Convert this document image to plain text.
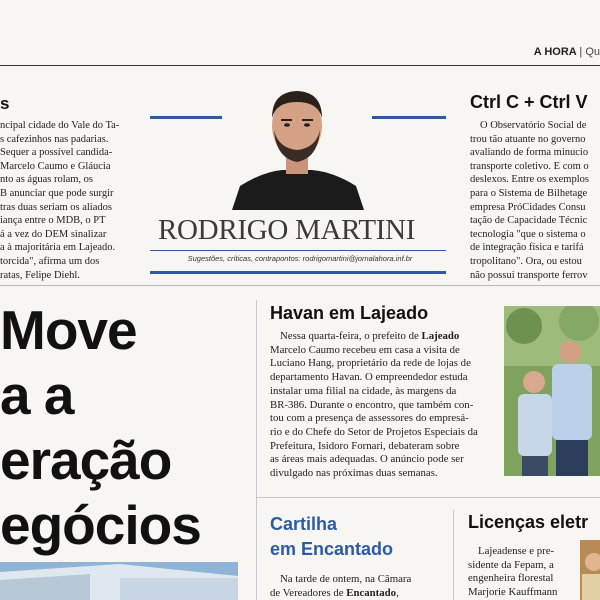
A HORA | Qu
s

ncipal cidade do Vale do Ta-

s cafezinhos nas padarias.

Sequer a possível candida-

Marcelo Caumo e Gláucia

nto as águas rolam, os

B anunciar que pode surgir

tras duas seriam os aliados

iança entre o MDB, o PT

á a vez do DEM sinalizar

a à majoritária em Lajeado.

torcida", afirma um dos

ratas, Felipe Diehl.

RODRIGO MARTINI
Sugestões, críticas, contrapontos: rodrigomartini@jornalahora.inf.br
Ctrl C + Ctrl V

O Observatório Social de

trou tão atuante no governo

avaliando de forma minucio

transporte coletivo. E com o

deslexos. Entre os exemplos

para o Sistema de Bilhetage

empresa PróCidades Consu

tação de Capacidade Técnic

tecnologia "que o sistema o

de integração física e tarifá

tropolitano". Ora, ou estou

não possui transporte ferrov

Move
a a
eração
egócios
Havan em Lajeado

Nessa quarta-feira, o prefeito de Lajeado

Marcelo Caumo recebeu em casa a visita de

Luciano Hang, proprietário da rede de lojas de

departamento Havan. O empreendedor estuda

instalar uma filial na cidade, às margens da

BR-386. Durante o encontro, que também con-

tou com a presença de assessores do empresá-

rio e do Chefe do Setor de Projetos Especiais da

Prefeitura, Isidoro Fornari, debateram sobre

as áreas mais adequadas. O anúncio pode ser

divulgado nas próximas duas semanas.

Cartilha
em Encantado

Na tarde de ontem, na Câmara

de Vereadores de Encantado,

Licenças eletr

Lajeadense e pre-

sidente da Fepam, a

engenheira florestal

Marjorie Kauffmann
